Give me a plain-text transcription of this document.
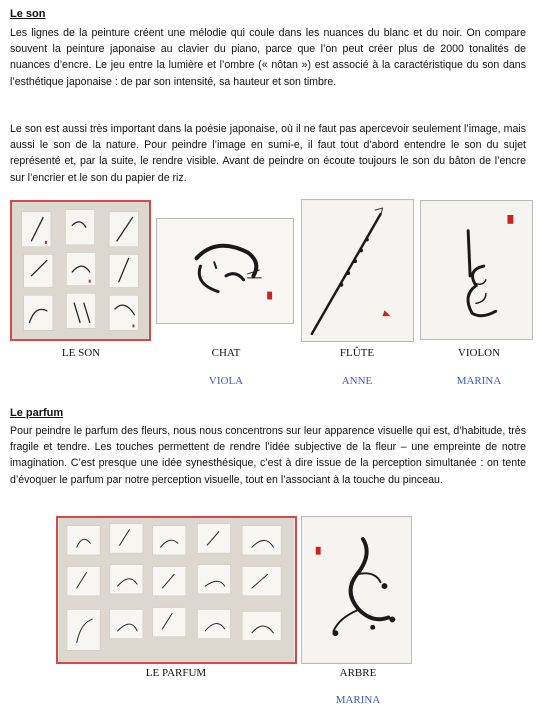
Le son

Les lignes de la peinture créent une mélodie qui coule dans les nuances du blanc et du noir. On compare souvent la peinture japonaise au clavier du piano, parce que l’on peut créer plus de 2000 tonalités de nuances d’encre. Le jeu entre la lumière et l’ombre (« nôtan ») est associé à la caractéristique du son dans l’esthétique japonaise : de par son intensité, sa hauteur et son timbre.

Le son est aussi très important dans la poésie japonaise, où il ne faut pas apercevoir seulement l’image, mais aussi le son de la nature. Pour peindre l’image en sumi-e, il faut tout d’abord entendre le son du sujet représenté et, par la suite, le rendre visible. Avant de peindre on écoute toujours le son du bâton de l’encre sur l’encrier et le son du papier de riz.

LE SON	CHAT	FLÛTE	VIOLON
VIOLA	ANNE	MARINA
Le parfum

Pour peindre le parfum des fleurs, nous nous concentrons sur leur apparence visuelle qui est, d’habitude, très fragile et tendre. Les touches permettent de rendre l’idée subjective de la fleur – une empreinte de notre imagination. C’est presque une idée synesthésique, c’est à dire issue de la perception simultanée : on tente d’évoquer le parfum par notre perception visuelle, tout en l’associant à la touche du pinceau.

LE PARFUM	ARBRE
MARINA
